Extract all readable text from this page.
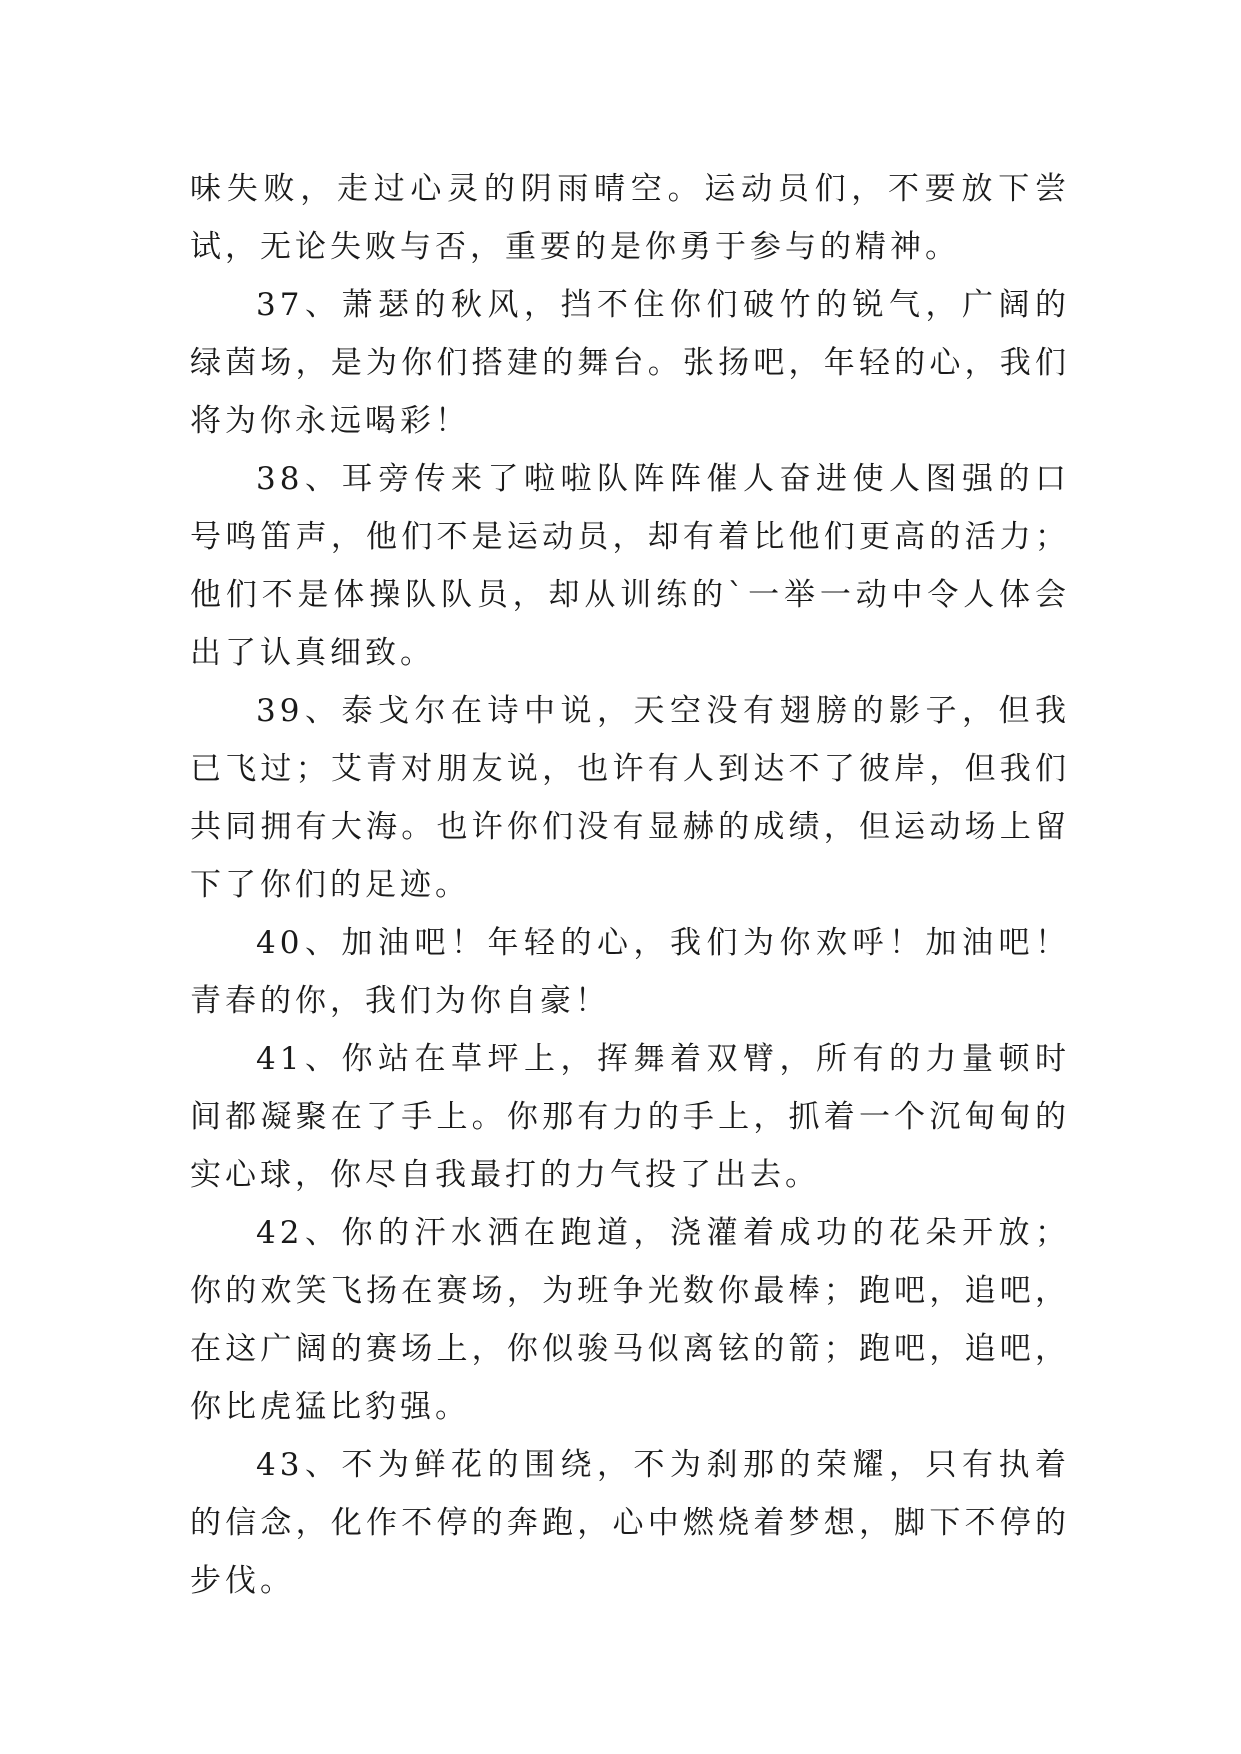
味失败，走过心灵的阴雨晴空。运动员们，不要放下尝试，无论失败与否，重要的是你勇于参与的精神。

37、萧瑟的秋风，挡不住你们破竹的锐气，广阔的绿茵场，是为你们搭建的舞台。张扬吧，年轻的心，我们将为你永远喝彩！

38、耳旁传来了啦啦队阵阵催人奋进使人图强的口号鸣笛声，他们不是运动员，却有着比他们更高的活力；他们不是体操队队员，却从训练的`一举一动中令人体会出了认真细致。

39、泰戈尔在诗中说，天空没有翅膀的影子，但我已飞过；艾青对朋友说，也许有人到达不了彼岸，但我们共同拥有大海。也许你们没有显赫的成绩，但运动场上留下了你们的足迹。

40、加油吧！年轻的心，我们为你欢呼！加油吧！青春的你，我们为你自豪！

41、你站在草坪上，挥舞着双臂，所有的力量顿时间都凝聚在了手上。你那有力的手上，抓着一个沉甸甸的实心球，你尽自我最打的力气投了出去。

42、你的汗水洒在跑道，浇灌着成功的花朵开放；你的欢笑飞扬在赛场，为班争光数你最棒；跑吧，追吧，在这广阔的赛场上，你似骏马似离铉的箭；跑吧，追吧，你比虎猛比豹强。

43、不为鲜花的围绕，不为刹那的荣耀，只有执着的信念，化作不停的奔跑，心中燃烧着梦想，脚下不停的步伐。
